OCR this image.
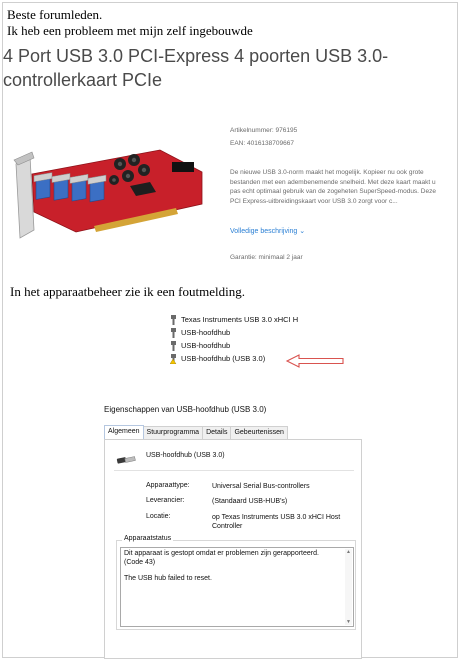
Beste forumleden.
Ik heb een probleem met mijn zelf ingebouwde
4 Port USB 3.0 PCI-Express 4 poorten USB 3.0-controllerkaart PCIe
Artikelnummer: 976195
EAN: 4016138709667
De nieuwe USB 3.0-norm maakt het mogelijk. Kopieer nu ook grote bestanden met een adembenemende snelheid. Met deze kaart maakt u pas echt optimaal gebruik van de zogeheten SuperSpeed-modus. Deze PCI Express-uitbreidingskaart voor USB 3.0 zorgt voor c...
Volledige beschrijving ⌄
Garantie: minimaal 2 jaar
In het apparaatbeheer zie ik een foutmelding.
Texas Instruments USB 3.0 xHCI H
USB-hoofdhub
USB-hoofdhub
USB-hoofdhub (USB 3.0)
Eigenschappen van USB-hoofdhub (USB 3.0)
Algemeen	Stuurprogramma	Details	Gebeurtenissen
USB-hoofdhub (USB 3.0)
Apparaattype:	Universal Serial Bus-controllers
Leverancier:	(Standaard USB-HUB's)
Locatie:	op Texas Instruments USB 3.0 xHCI Host Controller
Apparaatstatus
Dit apparaat is gestopt omdat er problemen zijn gerapporteerd.
(Code 43)
The USB hub failed to reset.
▲
▼
